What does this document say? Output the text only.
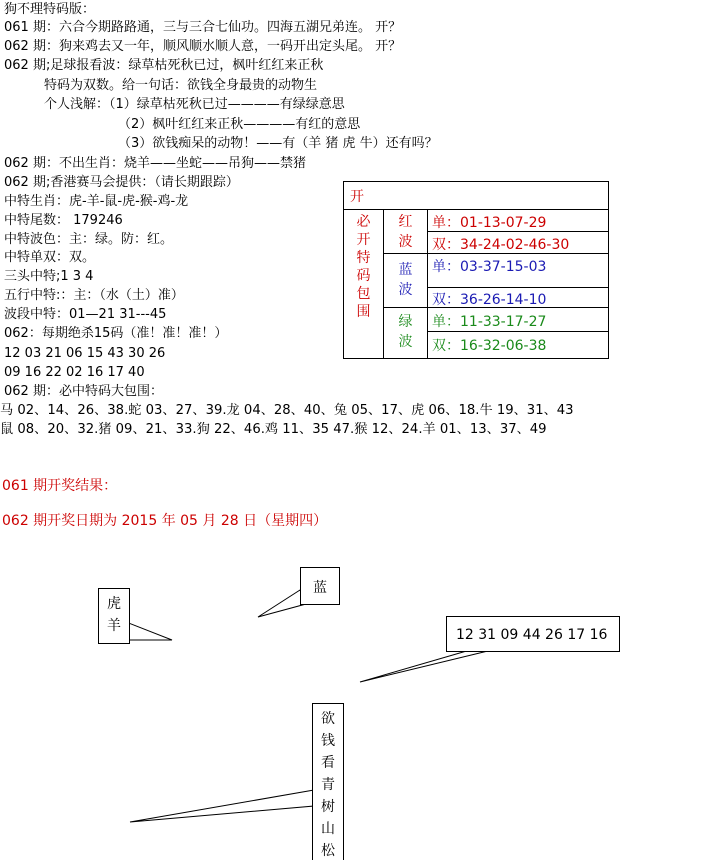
狗不理特码版：
061 期：六合今期路路通，三与三合七仙功。四海五湖兄弟连。 开？
062 期：狗来鸡去又一年，顺风顺水顺人意，一码开出定头尾。 开？
062 期;足球报看波：绿草枯死秋已过，枫叶红红来正秋
特码为双数。给一句话：欲钱全身最贵的动物生
个人浅解：（1）绿草枯死秋已过————有绿绿意思
（2）枫叶红红来正秋————有红的意思
（3）欲钱痴呆的动物！——有（羊 猪 虎 牛）还有吗？
062 期：不出生肖：烧羊——坐蛇——吊狗——禁猪
062 期;香港赛马会提供：（请长期跟踪）
中特生肖：虎-羊-鼠-虎-猴-鸡-龙
中特尾数： 179246
中特波色：主：绿。防：红。
中特单双：双。
三头中特;1 3 4
五行中特:：主：（水（土）准）
波段中特：01—21 31---45
062：每期绝杀15码（准！准！准！）
12 03 21 06 15 43 30 26
09 16 22 02 16 17 40
062 期：必中特码大包围：
马 02、14、26、38.蛇 03、27、39.龙 04、28、40、兔 05、17、虎 06、18.牛 19、31、43
鼠 08、20、32.猪 09、21、33.狗 22、46.鸡 11、35 47.猴 12、24.羊 01、13、37、49
061 期开奖结果：
062 期开奖日期为 2015 年 05 月 28 日（星期四）
开
必
开
特
码
包
围
红
波
单：01-13-07-29
双：34-24-02-46-30
蓝
波
单：03-37-15-03
双：36-26-14-10
绿
波
单：11-33-17-27
双：16-32-06-38
虎
羊
蓝
12 31 09 44 26 17 16
欲
钱
看
青
树
山
松
